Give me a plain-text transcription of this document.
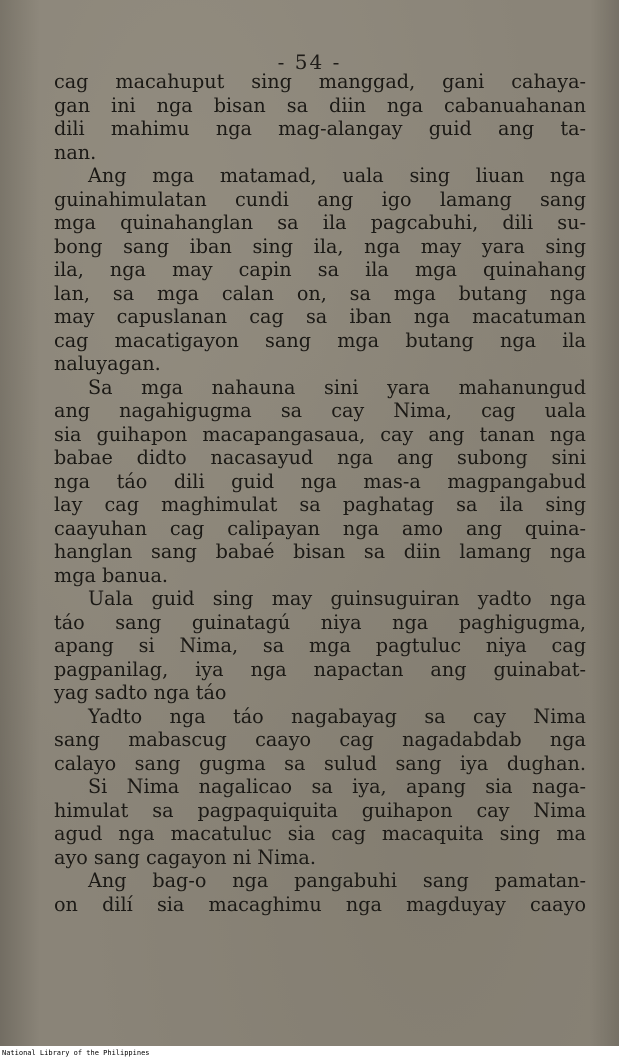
- 54 -
cag macahuput sing manggad, gani cahaya-
gan ini nga bisan sa diin nga cabanuahanan
dili mahimu nga mag-alangay guid ang ta-
nan.
Ang mga matamad, uala sing liuan nga
guinahimulatan cundi ang igo lamang sang
mga quinahanglan sa ila pagcabuhi, dili su-
bong sang iban sing ila, nga may yara sing
ila, nga may capin sa ila mga quinahang
lan, sa mga calan on, sa mga butang nga
may capuslanan cag sa iban nga macatuman
cag macatigayon sang mga butang nga ila
naluyagan.
Sa mga nahauna sini yara mahanungud
ang nagahigugma sa cay Nima, cag uala
sia guihapon macapangasaua, cay ang tanan nga
babae didto nacasayud nga ang subong sini
nga táo dili guid nga mas-a magpangabud
lay cag maghimulat sa paghatag sa ila sing
caayuhan cag calipayan nga amo ang quina-
hanglan sang babaé bisan sa diin lamang nga
mga banua.
Uala guid sing may guinsuguiran yadto nga
táo sang guinatagú niya nga paghigugma,
apang si Nima, sa mga pagtuluc niya cag
pagpanilag, iya nga napactan ang guinabat-
yag sadto nga táo
Yadto nga táo nagabayag sa cay Nima
sang mabascug caayo cag nagadabdab nga
calayo sang gugma sa sulud sang iya dughan.
Si Nima nagalicao sa iya, apang sia naga-
himulat sa pagpaquiquita guihapon cay Nima
agud nga macatuluc sia cag macaquita sing ma
ayo sang cagayon ni Nima.
Ang bag-o nga pangabuhi sang pamatan-
on dilí sia macaghimu nga magduyay caayo
National Library of the Philippines
